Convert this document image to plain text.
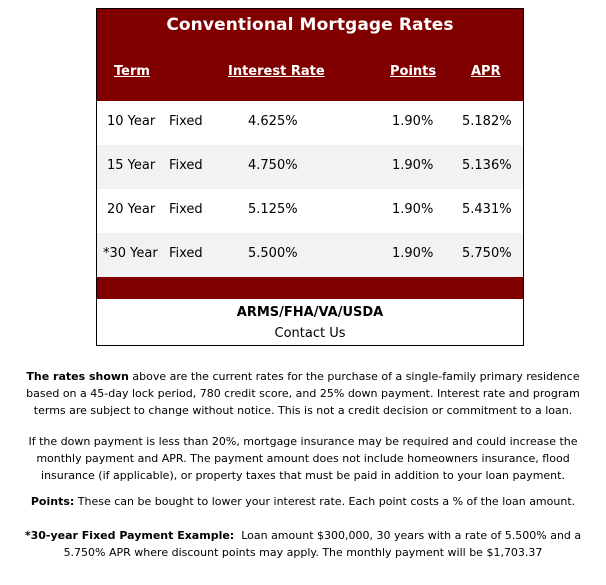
Conventional Mortgage Rates
Term	Interest Rate	Points	APR
10 Year Fixed	4.625%	1.90% 5.182%
15 Year Fixed	4.750%	1.90% 5.136%
20 Year Fixed	5.125%	1.90% 5.431%
*30 Year Fixed	5.500%	1.90% 5.750%
ARMS/FHA/VA/USDA
Contact Us
The rates shown above are the current rates for the purchase of a single-family primary residence based on a 45-day lock period, 780 credit score, and 25% down payment. Interest rate and program terms are subject to change without notice. This is not a credit decision or commitment to a loan.
If the down payment is less than 20%, mortgage insurance may be required and could increase the monthly payment and APR. The payment amount does not include homeowners insurance, flood insurance (if applicable), or property taxes that must be paid in addition to your loan payment.
Points: These can be bought to lower your interest rate. Each point costs a % of the loan amount.
*30-year Fixed Payment Example:  Loan amount $300,000, 30 years with a rate of 5.500% and a 5.750% APR where discount points may apply. The monthly payment will be $1,703.37
